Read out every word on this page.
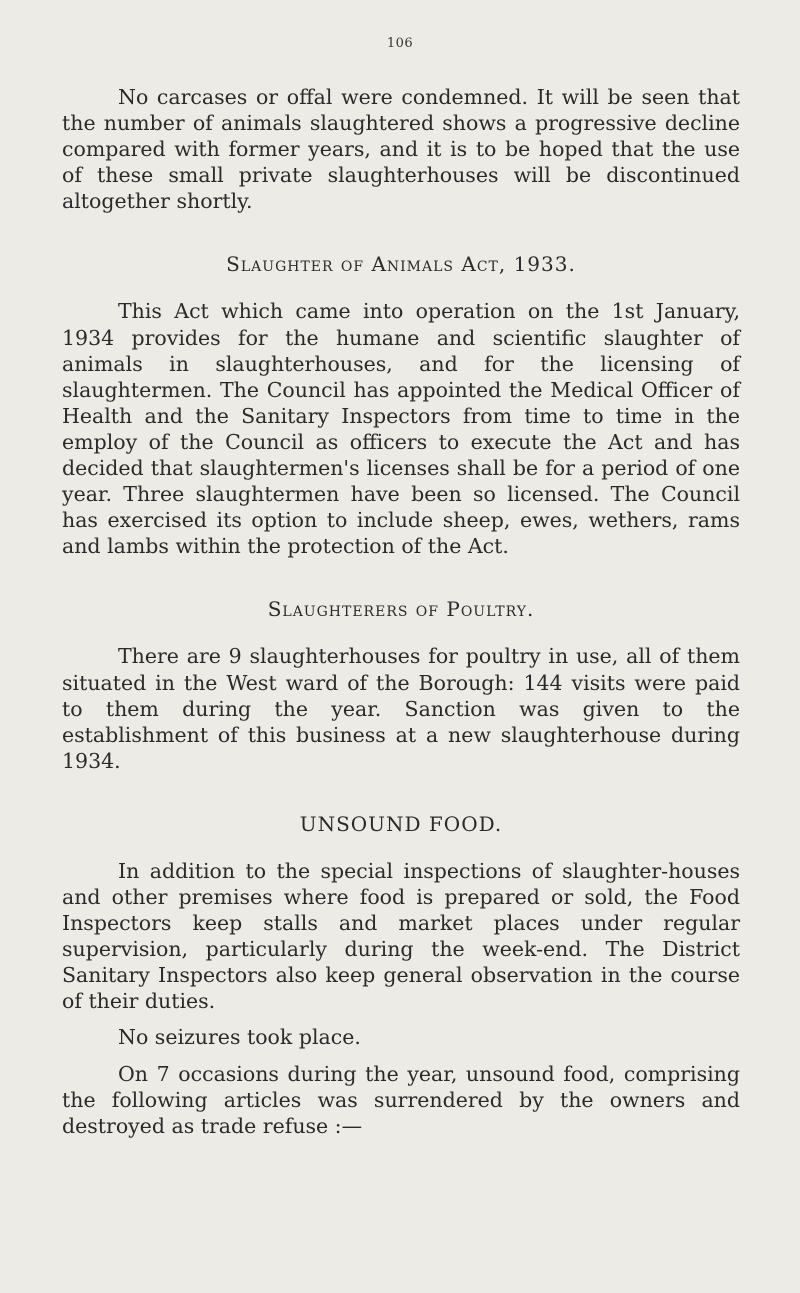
106

No carcases or offal were condemned. It will be seen that the number of animals slaughtered shows a progressive decline compared with former years, and it is to be hoped that the use of these small private slaughterhouses will be discontinued altogether shortly.

Slaughter of Animals Act, 1933.

This Act which came into operation on the 1st January, 1934 provides for the humane and scientific slaughter of animals in slaughterhouses, and for the licensing of slaughtermen. The Council has appointed the Medical Officer of Health and the Sanitary Inspectors from time to time in the employ of the Council as officers to execute the Act and has decided that slaughtermen's licenses shall be for a period of one year. Three slaughtermen have been so licensed. The Council has exercised its option to include sheep, ewes, wethers, rams and lambs within the protection of the Act.

Slaughterers of Poultry.

There are 9 slaughterhouses for poultry in use, all of them situated in the West ward of the Borough: 144 visits were paid to them during the year. Sanction was given to the establishment of this business at a new slaughterhouse during 1934.

UNSOUND FOOD.

In addition to the special inspections of slaughter-houses and other premises where food is prepared or sold, the Food Inspectors keep stalls and market places under regular supervision, particularly during the week-end. The District Sanitary Inspectors also keep general observation in the course of their duties.

No seizures took place.

On 7 occasions during the year, unsound food, comprising the following articles was surrendered by the owners and destroyed as trade refuse :—
